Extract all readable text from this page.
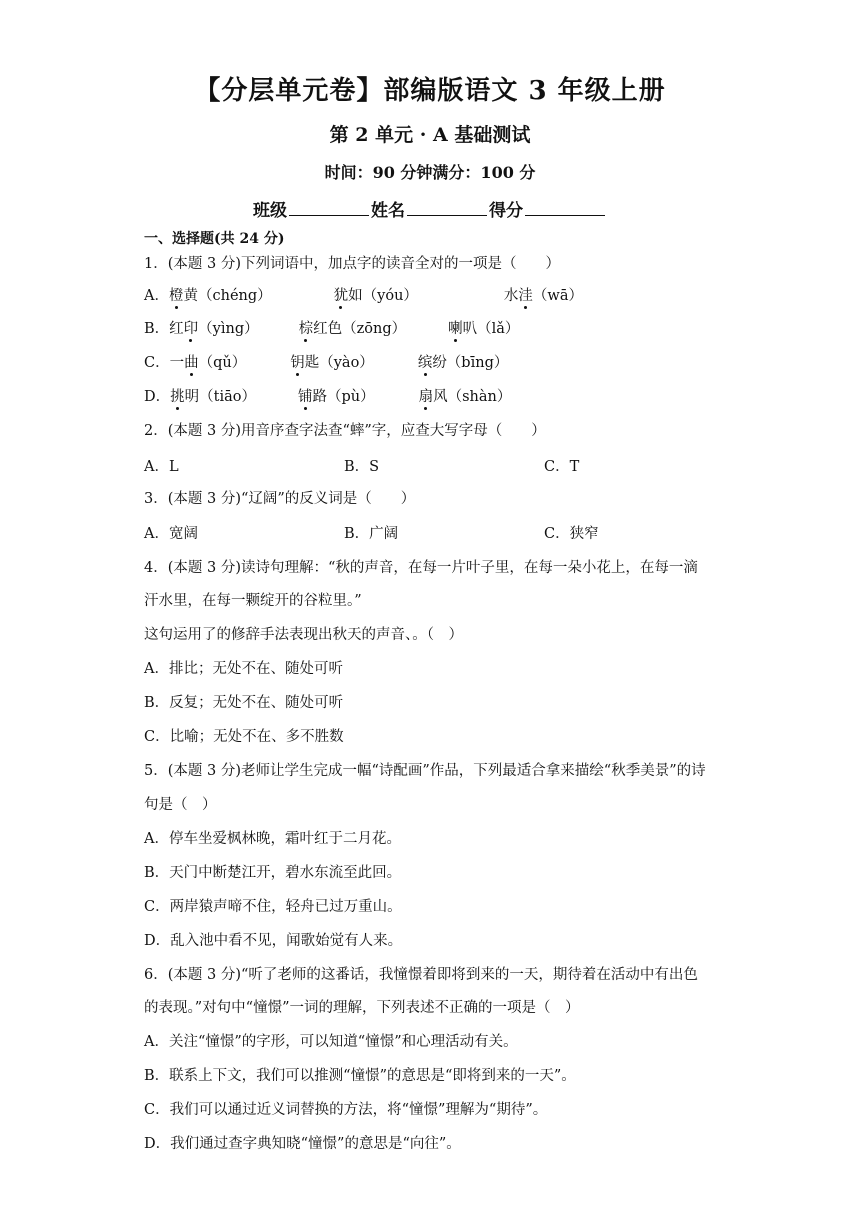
【分层单元卷】部编版语文 3 年级上册
第 2 单元 · A 基础测试
时间：90 分钟满分：100 分
班级	姓名	得分
一、选择题(共 24 分)
1．(本题 3 分)下列词语中，加点字的读音全对的一项是（　　）
A．橙黄（chéng）	犹如（yóu）	水洼（wā）
B．红印（yìng）	棕红色（zōng）	喇叭（lǎ）
C．一曲（qǔ）	钥匙（yào）	缤纷（bīng）
D．挑明（tiāo）	铺路（pù）	扇风（shàn）
2．(本题 3 分)用音序查字法查“蟀”字，应查大写字母（　　）
A．L	B．S	C．T
3．(本题 3 分)“辽阔”的反义词是（　　）
A．宽阔	B．广阔	C．狭窄
4．(本题 3 分)读诗句理解：“秋的声音，在每一片叶子里，在每一朵小花上，在每一滴
汗水里，在每一颗绽开的谷粒里。”
这句运用了的修辞手法表现出秋天的声音、。（　）
A．排比；无处不在、随处可听
B．反复；无处不在、随处可听
C．比喻；无处不在、多不胜数
5．(本题 3 分)老师让学生完成一幅“诗配画”作品，下列最适合拿来描绘“秋季美景”的诗
句是（　）
A．停车坐爱枫林晚，霜叶红于二月花。
B．天门中断楚江开，碧水东流至此回。
C．两岸猿声啼不住，轻舟已过万重山。
D．乱入池中看不见，闻歌始觉有人来。
6．(本题 3 分)“听了老师的这番话，我憧憬着即将到来的一天，期待着在活动中有出色
的表现。”对句中“憧憬”一词的理解，下列表述不正确的一项是（　）
A．关注“憧憬”的字形，可以知道“憧憬”和心理活动有关。
B．联系上下文，我们可以推测“憧憬”的意思是“即将到来的一天”。
C．我们可以通过近义词替换的方法，将“憧憬”理解为“期待”。
D．我们通过查字典知晓“憧憬”的意思是“向往”。
